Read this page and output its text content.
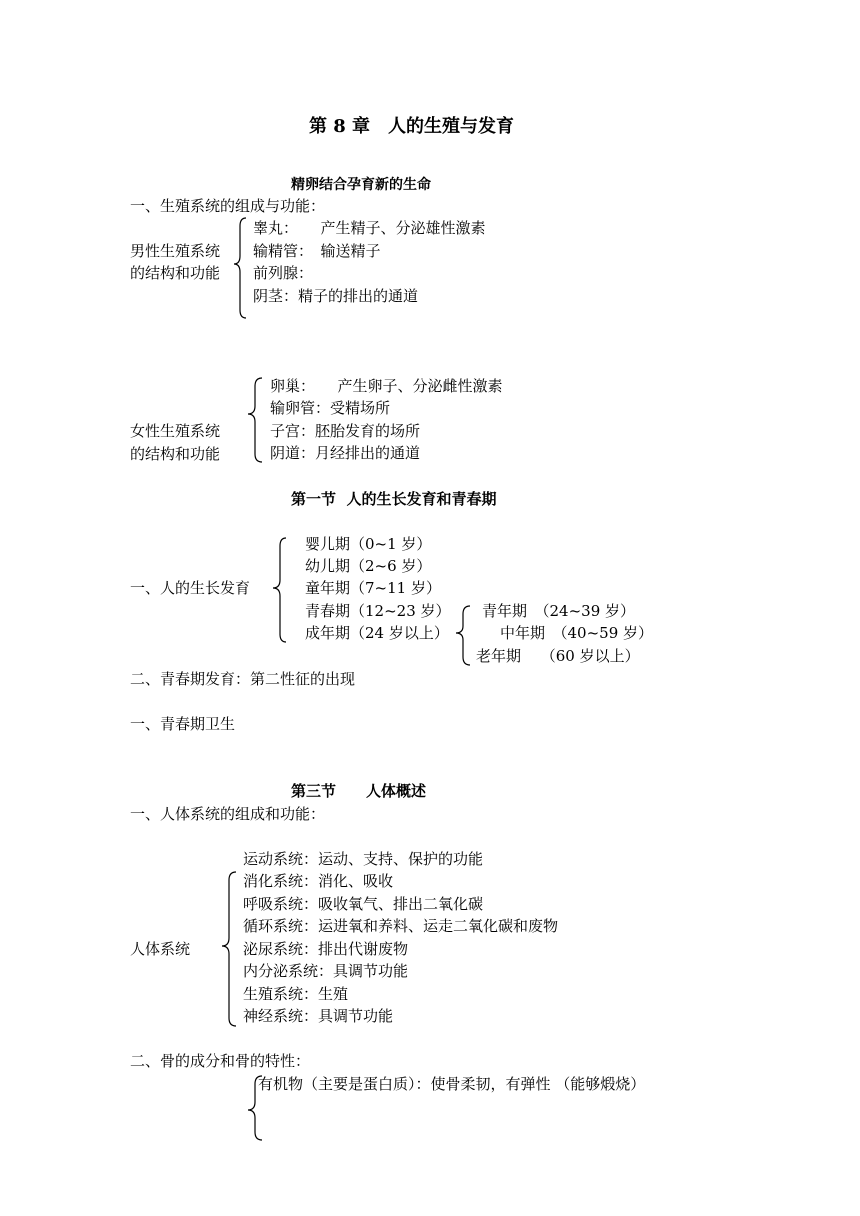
第 8 章　人的生殖与发育
精卵结合孕育新的生命
一、生殖系统的组成与功能：
男性生殖系统
的结构和功能
睾丸：　　产生精子、分泌雄性激素
输精管：　输送精子
前列腺：
阴茎：精子的排出的通道
女性生殖系统
的结构和功能
卵巢：　　产生卵子、分泌雌性激素
输卵管：受精场所
子宫：胚胎发育的场所
阴道：月经排出的通道
第一节  人的生长发育和青春期
一、人的生长发育
婴儿期（0~1 岁）
幼儿期（2~6 岁）
童年期（7~11 岁）
青春期（12~23 岁）
成年期（24 岁以上）
青年期　（24~39 岁）
中年期　（40~59 岁）
老年期　 （60 岁以上）
二、青春期发育：第二性征的出现
一、青春期卫生
第三节　　人体概述
一、人体系统的组成和功能：
人体系统
运动系统：运动、支持、保护的功能
消化系统：消化、吸收
呼吸系统：吸收氧气、排出二氧化碳
循环系统：运进氧和养料、运走二氧化碳和废物
泌尿系统：排出代谢废物
内分泌系统：具调节功能
生殖系统：生殖
神经系统：具调节功能
二、骨的成分和骨的特性：
有机物（主要是蛋白质）：使骨柔韧，有弹性 （能够煅烧）
